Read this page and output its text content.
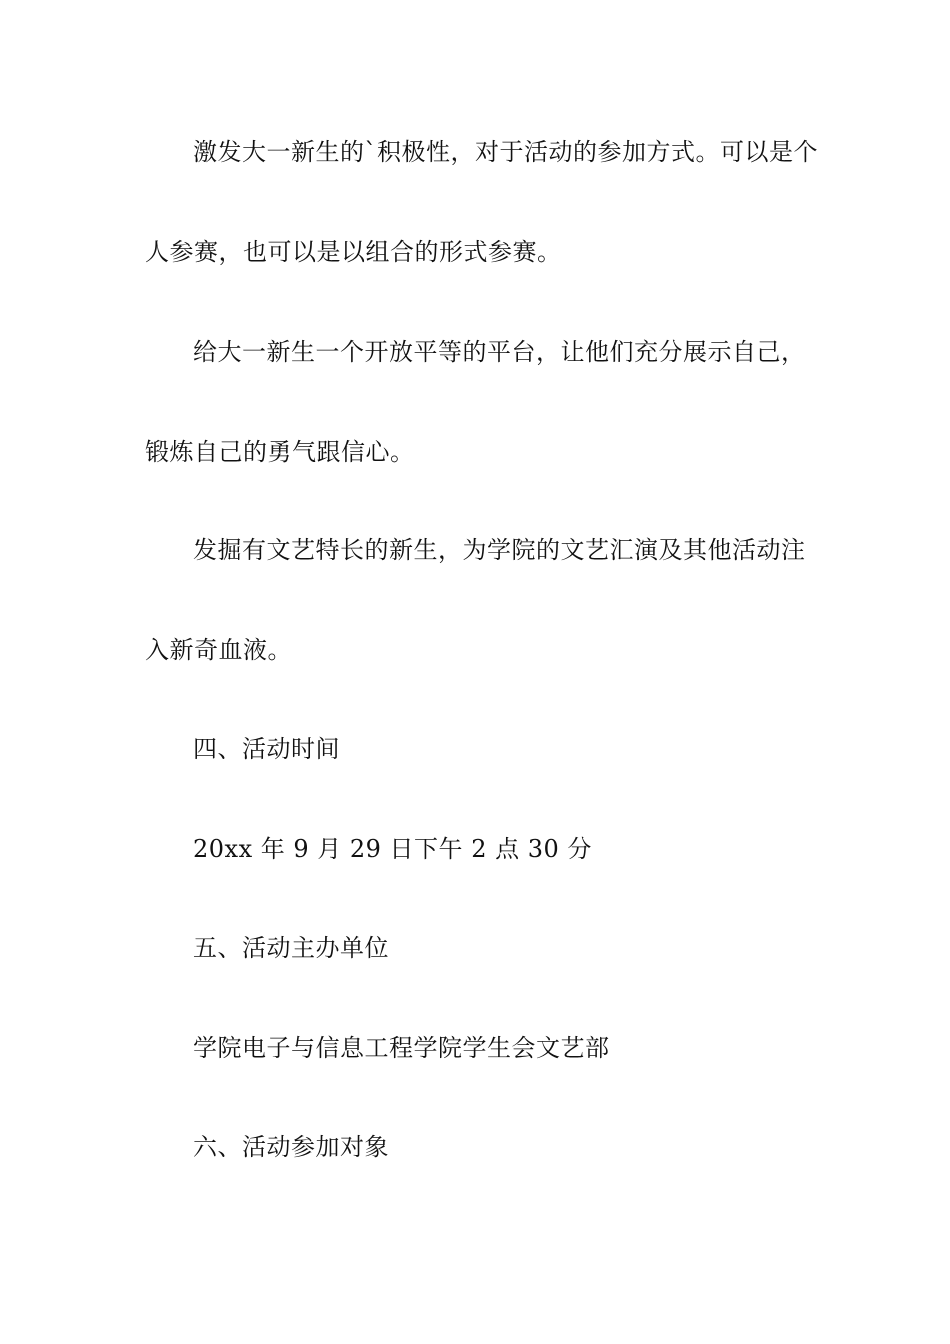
激发大一新生的`积极性，对于活动的参加方式。可以是个
人参赛，也可以是以组合的形式参赛。
给大一新生一个开放平等的平台，让他们充分展示自己，
锻炼自己的勇气跟信心。
发掘有文艺特长的新生，为学院的文艺汇演及其他活动注
入新奇血液。
四、活动时间
20xx 年 9 月 29 日下午 2 点 30 分
五、活动主办单位
学院电子与信息工程学院学生会文艺部
六、活动参加对象
